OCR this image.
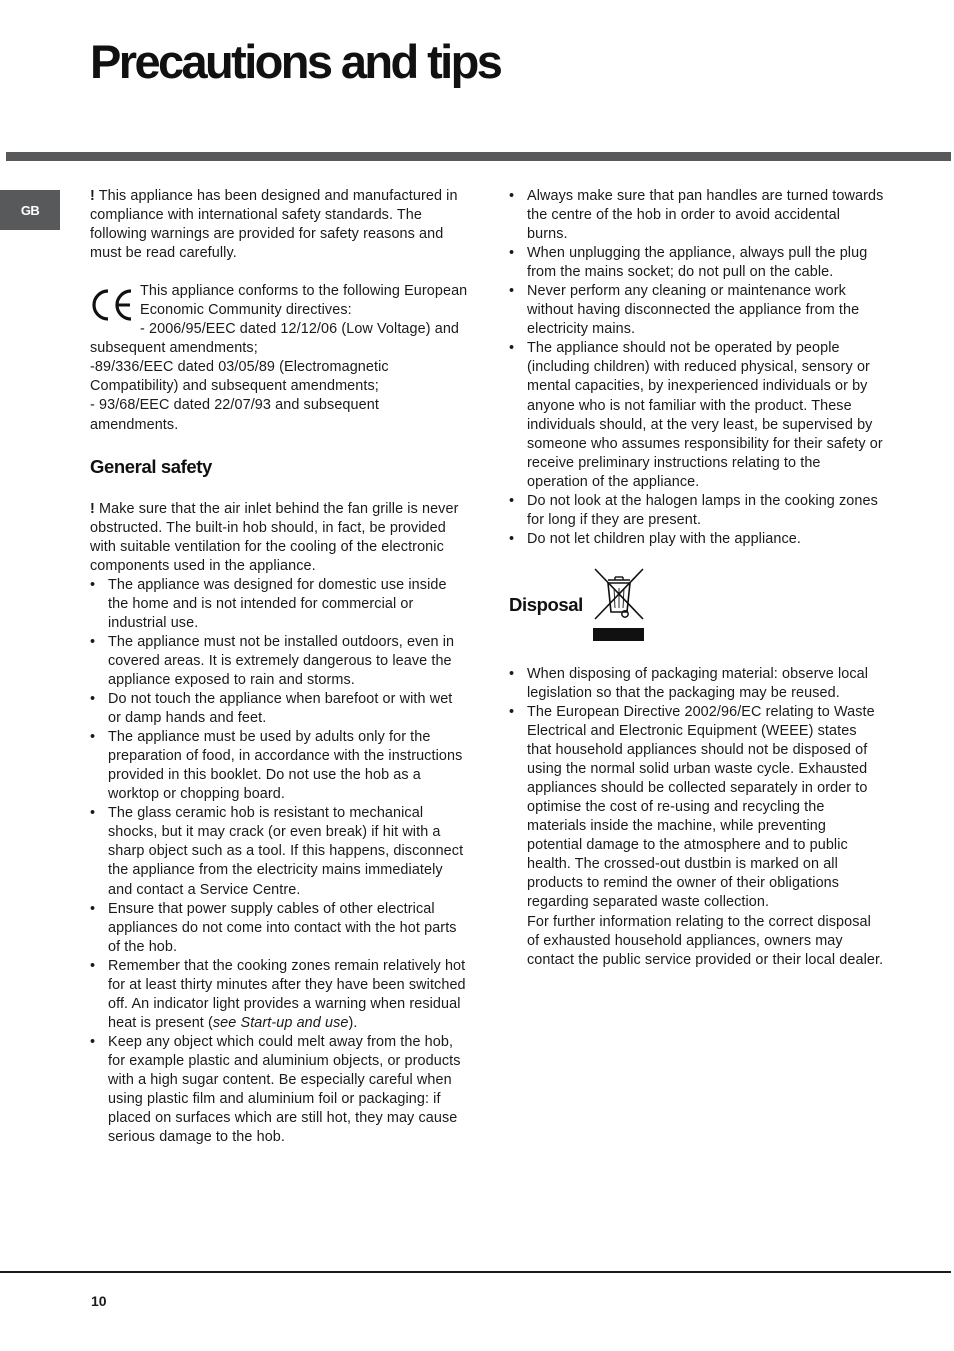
Precautions and tips
GB

! This appliance has been designed and manufactured in compliance with international safety standards. The following warnings are provided for safety reasons and must be read carefully.

This appliance conforms to the following European Economic Community directives:

- 2006/95/EEC dated 12/12/06 (Low Voltage) and subsequent amendments;

-89/336/EEC dated 03/05/89 (Electromagnetic Compatibility) and subsequent amendments;

- 93/68/EEC dated 22/07/93 and subsequent amendments.

General safety

! Make sure that the air inlet behind the fan grille is never obstructed. The built-in hob should, in fact, be provided with suitable ventilation for the cooling of the electronic components used in the appliance.

• The appliance was designed for domestic use inside the home and is not intended for commercial or industrial use.
• The appliance must not be installed outdoors, even in covered areas. It is extremely dangerous to leave the appliance exposed to rain and storms.
• Do not touch the appliance when barefoot or with wet or damp hands and feet.
• The appliance must be used by adults only for the preparation of food, in accordance with the instructions provided in this booklet. Do not use the hob as a worktop or chopping board.
• The glass ceramic hob is resistant to mechanical shocks, but it may crack (or even break) if hit with a sharp object such as a tool. If this happens, disconnect the appliance from the electricity mains immediately and contact a Service Centre.
• Ensure that power supply cables of other electrical appliances do not come into contact with the hot parts of the hob.
• Remember that the cooking zones remain relatively hot for at least thirty minutes after they have been switched off. An indicator light provides a warning when residual heat is present (see Start-up and use).
• Keep any object which could melt away from the hob, for example plastic and aluminium objects, or products with a high sugar content. Be especially careful when using plastic film and aluminium foil or packaging: if placed on surfaces which are still hot, they may cause serious damage to the hob.
• Always make sure that pan handles are turned towards the centre of the hob in order to avoid accidental burns.
• When unplugging the appliance, always pull the plug from the mains socket; do not pull on the cable.
• Never perform any cleaning or maintenance work without having disconnected the appliance from the electricity mains.
• The appliance should not be operated by people (including children) with reduced physical, sensory or mental capacities, by inexperienced individuals or by anyone who is not familiar with the product. These individuals should, at the very least, be supervised by someone who assumes responsibility for their safety or receive preliminary instructions relating to the operation of the appliance.
• Do not look at the halogen lamps in the cooking zones for long if they are present.
• Do not let children play with the appliance.
Disposal
• When disposing of packaging material: observe local legislation so that the packaging may be reused.
• The European Directive 2002/96/EC relating to Waste Electrical and Electronic Equipment (WEEE) states that household appliances should not be disposed of using the normal solid urban waste cycle. Exhausted appliances should be collected separately in order to optimise the cost of re-using and recycling the materials inside the machine, while preventing potential damage to the atmosphere and to public health. The crossed-out dustbin is marked on all products to remind the owner of their obligations regarding separated waste collection.
For further information relating to the correct disposal of exhausted household appliances, owners may contact the public service provided or their local dealer.
10
